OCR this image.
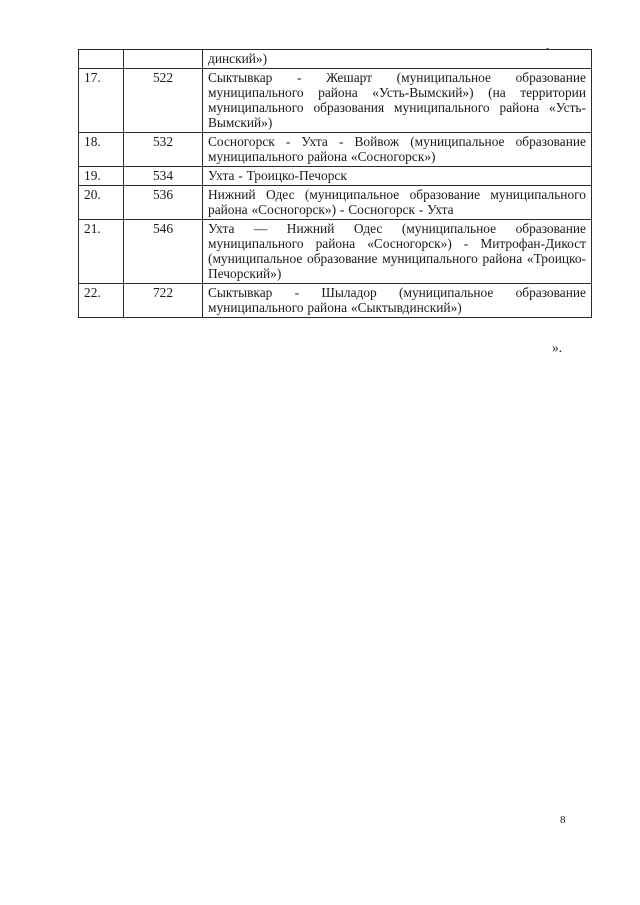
		динский»)
17.	522	Сыктывкар - Жешарт (муниципальное образование муниципального района «Усть-Вымский») (на территории муниципального образования муниципального района «Усть-Вымский»)
18.	532	Сосногорск - Ухта - Войвож (муниципальное образование муниципального района «Сосногорск»)
19.	534	Ухта - Троицко-Печорск
20.	536	Нижний Одес (муниципальное образование муниципального района «Сосногорск») - Сосногорск - Ухта
21.	546	Ухта — Нижний Одес (муниципальное образование муниципального района «Сосногорск») - Митрофан-Дикост (муниципальное образование муниципального района «Троицко-Печорский»)
22.	722	Сыктывкар - Шыладор (муниципальное образование муниципального района «Сыктывдинский»)
».
8
